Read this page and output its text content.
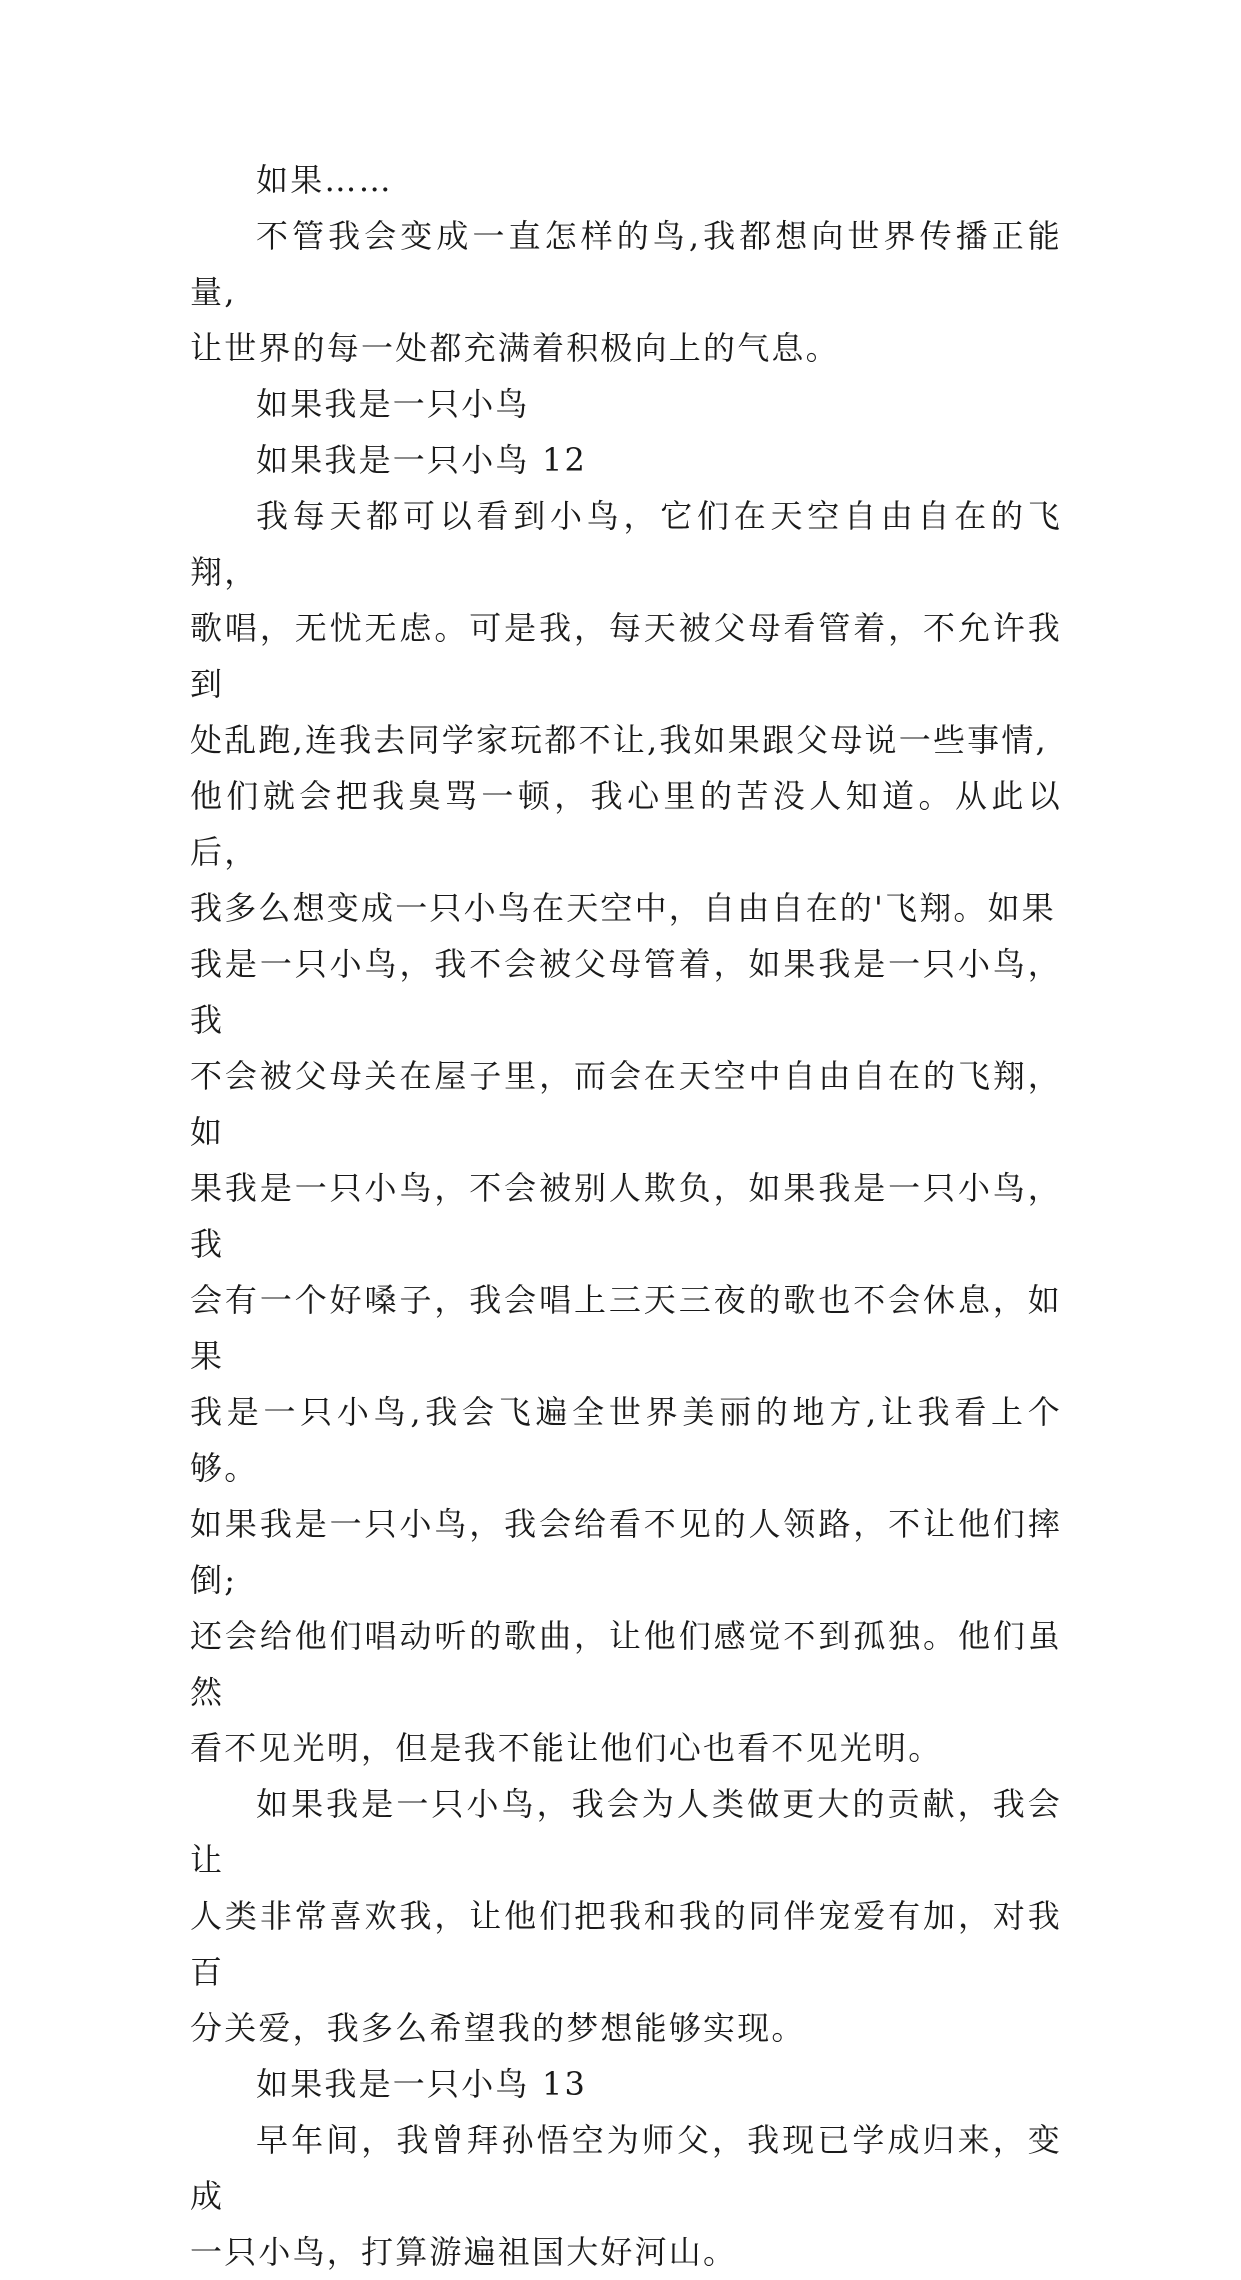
如果……

不管我会变成一直怎样的鸟,我都想向世界传播正能量,
让世界的每一处都充满着积极向上的气息。

如果我是一只小鸟

如果我是一只小鸟 12

我每天都可以看到小鸟，它们在天空自由自在的飞翔，
歌唱，无忧无虑。可是我，每天被父母看管着，不允许我到
处乱跑,连我去同学家玩都不让,我如果跟父母说一些事情,
他们就会把我臭骂一顿，我心里的苦没人知道。从此以后，
我多么想变成一只小鸟在天空中，自由自在的'飞翔。如果
我是一只小鸟，我不会被父母管着，如果我是一只小鸟，我
不会被父母关在屋子里，而会在天空中自由自在的飞翔，如
果我是一只小鸟，不会被别人欺负，如果我是一只小鸟，我
会有一个好嗓子，我会唱上三天三夜的歌也不会休息，如果
我是一只小鸟,我会飞遍全世界美丽的地方,让我看上个够。
如果我是一只小鸟，我会给看不见的人领路，不让他们摔倒;
还会给他们唱动听的歌曲，让他们感觉不到孤独。他们虽然
看不见光明，但是我不能让他们心也看不见光明。

如果我是一只小鸟，我会为人类做更大的贡献，我会让
人类非常喜欢我，让他们把我和我的同伴宠爱有加，对我百
分关爱，我多么希望我的梦想能够实现。

如果我是一只小鸟 13

早年间，我曾拜孙悟空为师父，我现已学成归来，变成
一只小鸟，打算游遍祖国大好河山。
